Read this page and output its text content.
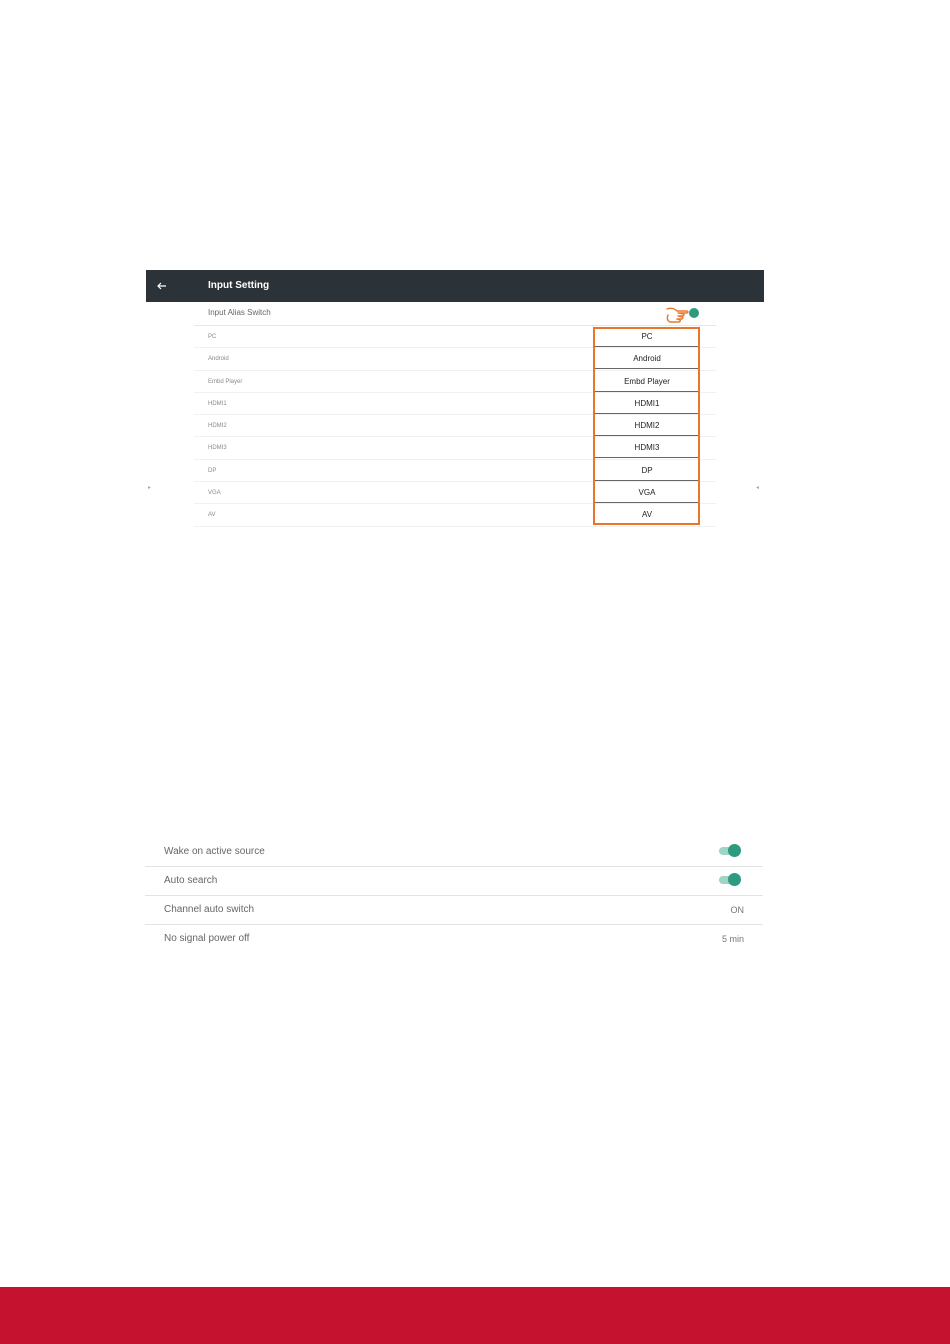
Input Setting
Input Alias Switch
PC	PC
Android	Android
Embd Player	Embd Player
HDMI1	HDMI1
HDMI2	HDMI2
HDMI3	HDMI3
DP	DP
VGA	VGA
AV	AV
▸	◂
Wake on active source
Auto search
Channel auto switch	ON
No signal power off	5 min
